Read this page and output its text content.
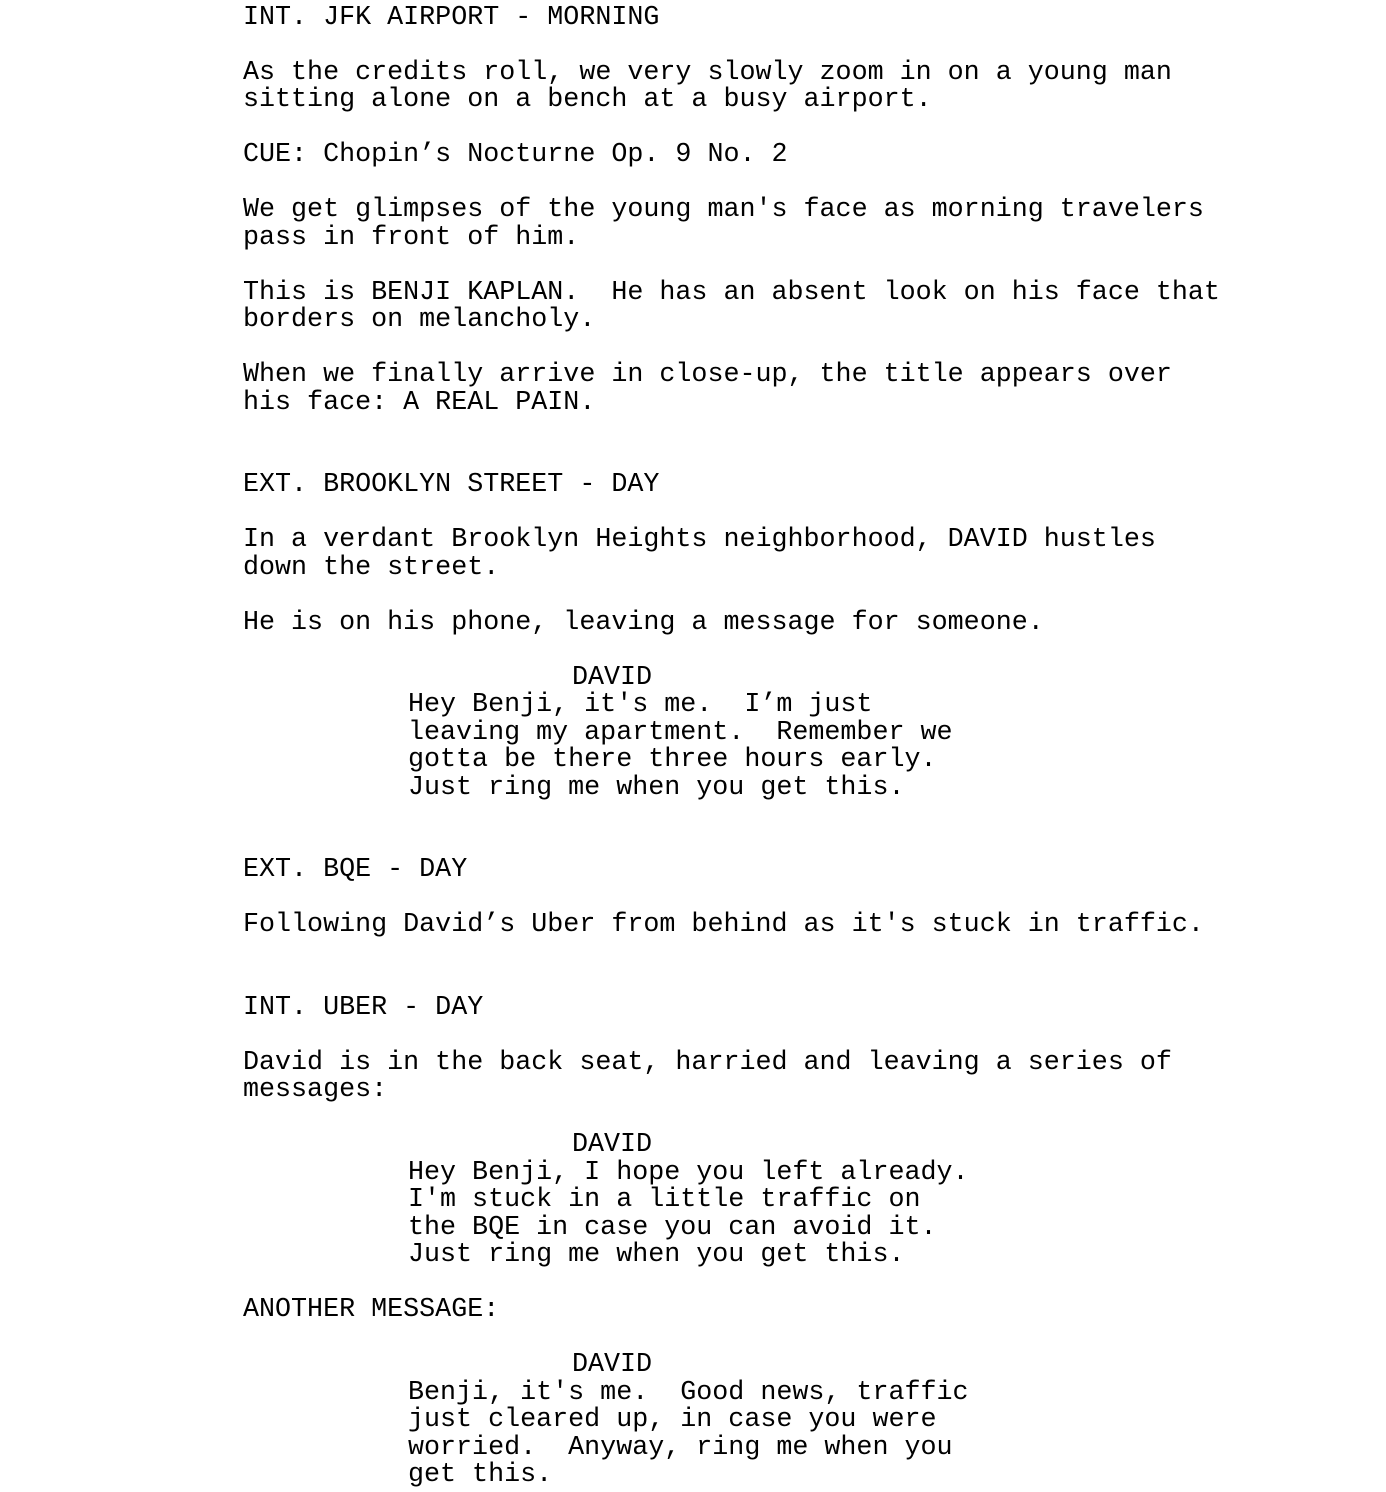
INT. JFK AIRPORT - MORNING

As the credits roll, we very slowly zoom in on a young man

sitting alone on a bench at a busy airport.

CUE: Chopin’s Nocturne Op. 9 No. 2

We get glimpses of the young man's face as morning travelers

pass in front of him.

This is BENJI KAPLAN.  He has an absent look on his face that

borders on melancholy.

When we finally arrive in close-up, the title appears over

his face: A REAL PAIN.

EXT. BROOKLYN STREET - DAY

In a verdant Brooklyn Heights neighborhood, DAVID hustles

down the street.

He is on his phone, leaving a message for someone.

DAVID

Hey Benji, it's me.  I’m just

leaving my apartment.  Remember we

gotta be there three hours early.

Just ring me when you get this.

EXT. BQE - DAY

Following David’s Uber from behind as it's stuck in traffic.

INT. UBER - DAY

David is in the back seat, harried and leaving a series of

messages:

DAVID

Hey Benji, I hope you left already.

I'm stuck in a little traffic on

the BQE in case you can avoid it.

Just ring me when you get this.

ANOTHER MESSAGE:

DAVID

Benji, it's me.  Good news, traffic

just cleared up, in case you were

worried.  Anyway, ring me when you

get this.
